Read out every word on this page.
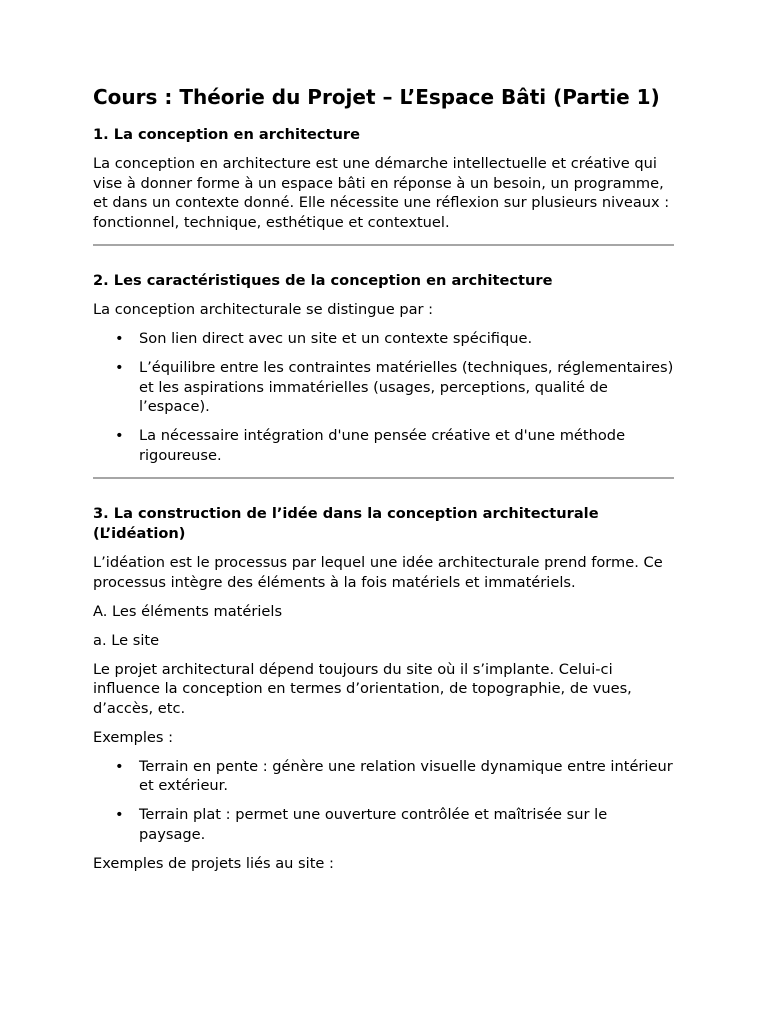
Cours : Théorie du Projet – L’Espace Bâti (Partie 1)
1. La conception en architecture

La conception en architecture est une démarche intellectuelle et créative qui vise à donner forme à un espace bâti en réponse à un besoin, un programme, et dans un contexte donné. Elle nécessite une réflexion sur plusieurs niveaux : fonctionnel, technique, esthétique et contextuel.

2. Les caractéristiques de la conception en architecture

La conception architecturale se distingue par :

• Son lien direct avec un site et un contexte spécifique.
• L’équilibre entre les contraintes matérielles (techniques, réglementaires) et les aspirations immatérielles (usages, perceptions, qualité de l’espace).
• La nécessaire intégration d'une pensée créative et d'une méthode rigoureuse.
3. La construction de l’idée dans la conception architecturale (L’idéation)

L’idéation est le processus par lequel une idée architecturale prend forme. Ce processus intègre des éléments à la fois matériels et immatériels.

A. Les éléments matériels

a. Le site

Le projet architectural dépend toujours du site où il s’implante. Celui-ci influence la conception en termes d’orientation, de topographie, de vues, d’accès, etc.

Exemples :

• Terrain en pente : génère une relation visuelle dynamique entre intérieur et extérieur.
• Terrain plat : permet une ouverture contrôlée et maîtrisée sur le paysage.

Exemples de projets liés au site :
